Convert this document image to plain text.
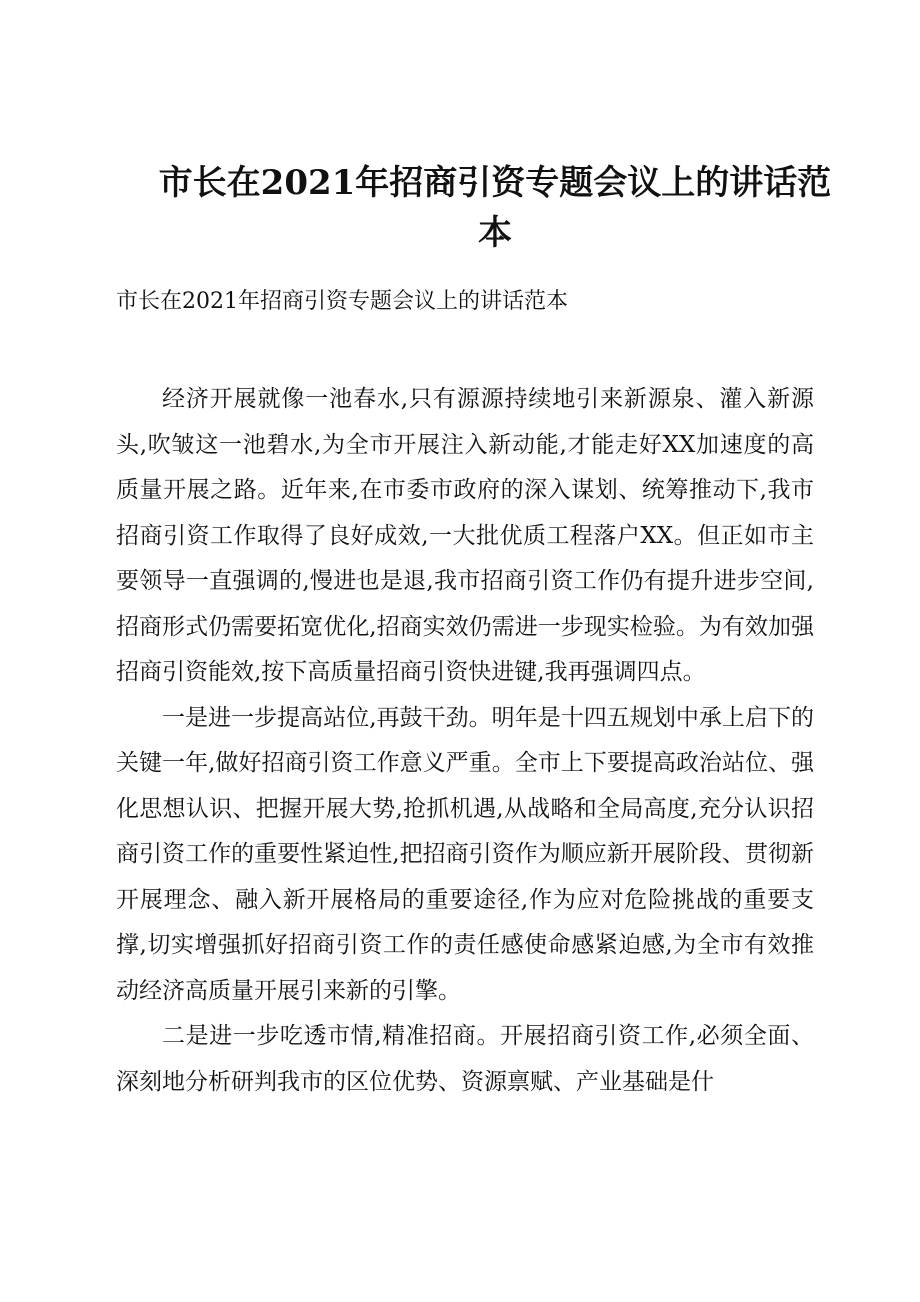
市长在2021年招商引资专题会议上的讲话范本

市长在2021年招商引资专题会议上的讲话范本

经济开展就像一池春水,只有源源持续地引来新源泉、灌入新源头,吹皱这一池碧水,为全市开展注入新动能,才能走好XX加速度的高质量开展之路。近年来,在市委市政府的深入谋划、统筹推动下,我市招商引资工作取得了良好成效,一大批优质工程落户XX。但正如市主要领导一直强调的,慢进也是退,我市招商引资工作仍有提升进步空间,招商形式仍需要拓宽优化,招商实效仍需进一步现实检验。为有效加强招商引资能效,按下高质量招商引资快进键,我再强调四点。

一是进一步提高站位,再鼓干劲。明年是十四五规划中承上启下的关键一年,做好招商引资工作意义严重。全市上下要提高政治站位、强化思想认识、把握开展大势,抢抓机遇,从战略和全局高度,充分认识招商引资工作的重要性紧迫性,把招商引资作为顺应新开展阶段、贯彻新开展理念、融入新开展格局的重要途径,作为应对危险挑战的重要支撑,切实增强抓好招商引资工作的责任感使命感紧迫感,为全市有效推动经济高质量开展引来新的引擎。

二是进一步吃透市情,精准招商。开展招商引资工作,必须全面、深刻地分析研判我市的区位优势、资源禀赋、产业基础是什
